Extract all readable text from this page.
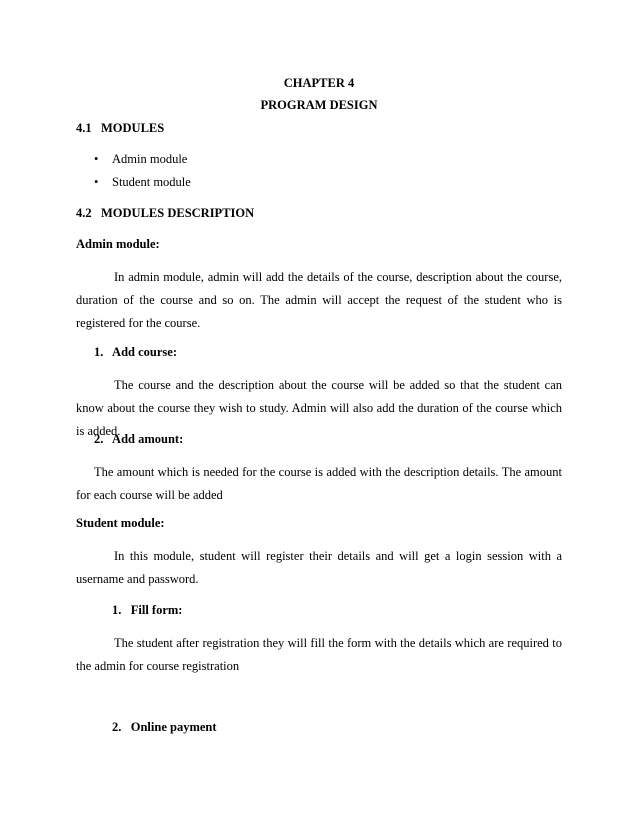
CHAPTER 4
PROGRAM DESIGN
4.1   MODULES
• Admin module
• Student module
4.2   MODULES DESCRIPTION
Admin module:
In admin module, admin will add the details of the course, description about the course, duration of the course and so on. The admin will accept the request of the student who is registered for the course.
1.   Add course:
The course and the description about the course will be added so that the student can know about the course they wish to study. Admin will also add the duration of the course which is added.
2.   Add amount:
The amount which is needed for the course is added with the description details. The amount for each course will be added
Student module:
In this module, student will register their details and will get a login session with a username and password.
1.   Fill form:
The student after registration they will fill the form with the details which are required to the admin for course registration
2.   Online payment
